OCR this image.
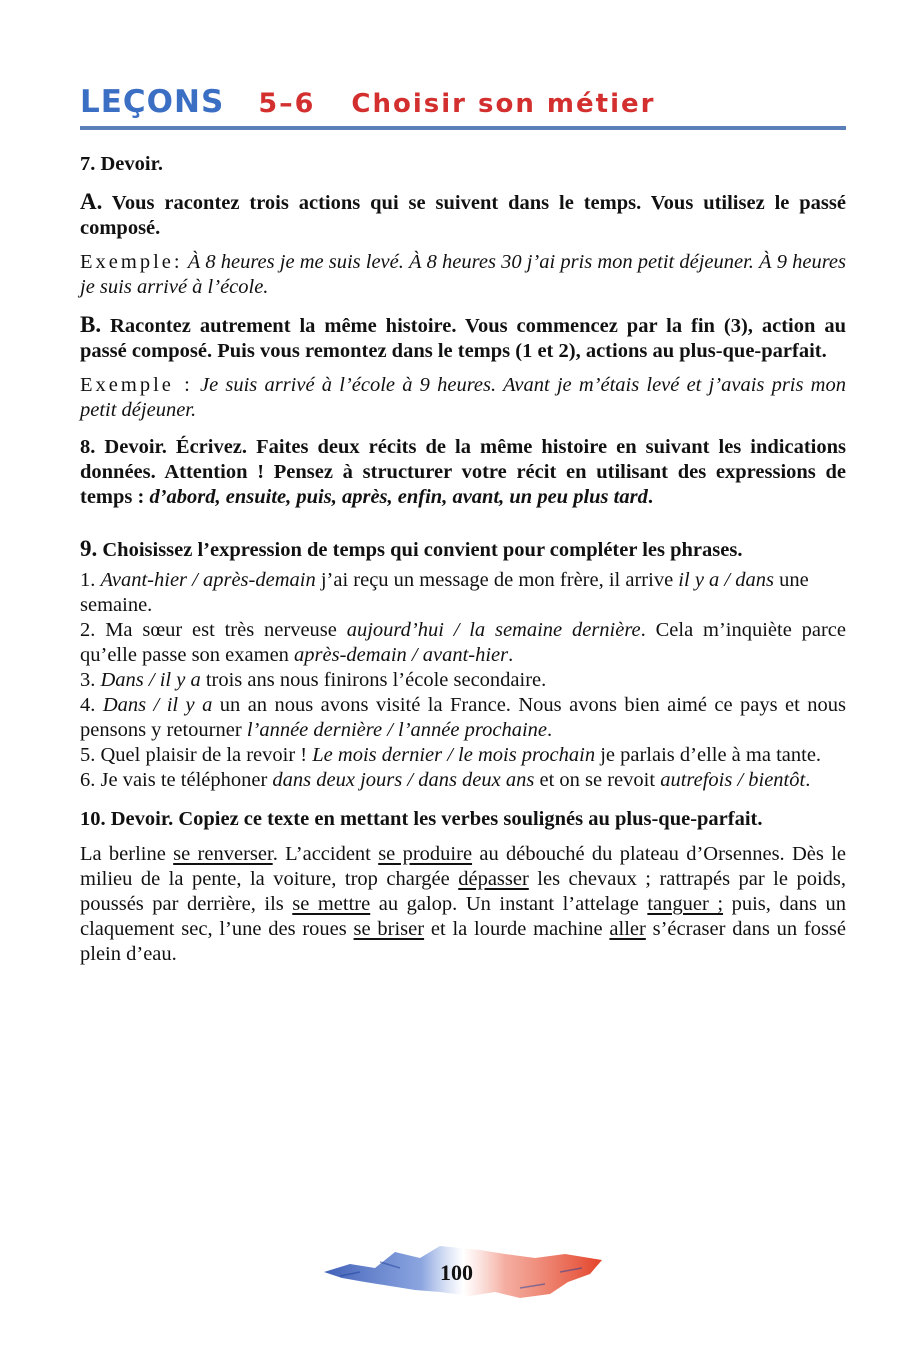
LEÇONS 5–6 Choisir son métier

7. Devoir.

A. Vous racontez trois actions qui se suivent dans le temps. Vous utilisez le passé composé.

Exemple: À 8 heures je me suis levé. À 8 heures 30 j’ai pris mon petit déjeuner. À 9 heures je suis arrivé à l’école.

B. Racontez autrement la même histoire. Vous commencez par la fin (3), action au passé composé. Puis vous remontez dans le temps (1 et 2), actions au plus-que-parfait.

Exemple : Je suis arrivé à l’école à 9 heures. Avant je m’étais levé et j’avais pris mon petit déjeuner.

8. Devoir. Écrivez. Faites deux récits de la même histoire en suivant les indications données. Attention ! Pensez à structurer votre récit en utilisant des expressions de temps : d’abord, ensuite, puis, après, enfin, avant, un peu plus tard.

9. Choisissez l’expression de temps qui convient pour compléter les phrases.

1. Avant-hier / après-demain j’ai reçu un message de mon frère, il arrive il y a / dans une semaine.

2. Ma sœur est très nerveuse aujourd’hui / la semaine dernière. Cela m’inquiète parce qu’elle passe son examen après-demain / avant-hier.

3. Dans / il y a trois ans nous finirons l’école secondaire.

4. Dans / il y a un an nous avons visité la France. Nous avons bien aimé ce pays et nous pensons y retourner l’année dernière / l’année prochaine.

5. Quel plaisir de la revoir ! Le mois dernier / le mois prochain je parlais d’elle à ma tante.

6. Je vais te téléphoner dans deux jours / dans deux ans et on se revoit autrefois / bientôt.

10. Devoir. Copiez ce texte en mettant les verbes soulignés au plus-que-parfait.

La berline se renverser. L’accident se produire au débouché du plateau d’Orsennes. Dès le milieu de la pente, la voiture, trop chargée dépasser les chevaux ; rattrapés par le poids, poussés par derrière, ils se mettre au galop. Un instant l’attelage tanguer ; puis, dans un claquement sec, l’une des roues se briser et la lourde machine aller s’écraser dans un fossé plein d’eau.

100
